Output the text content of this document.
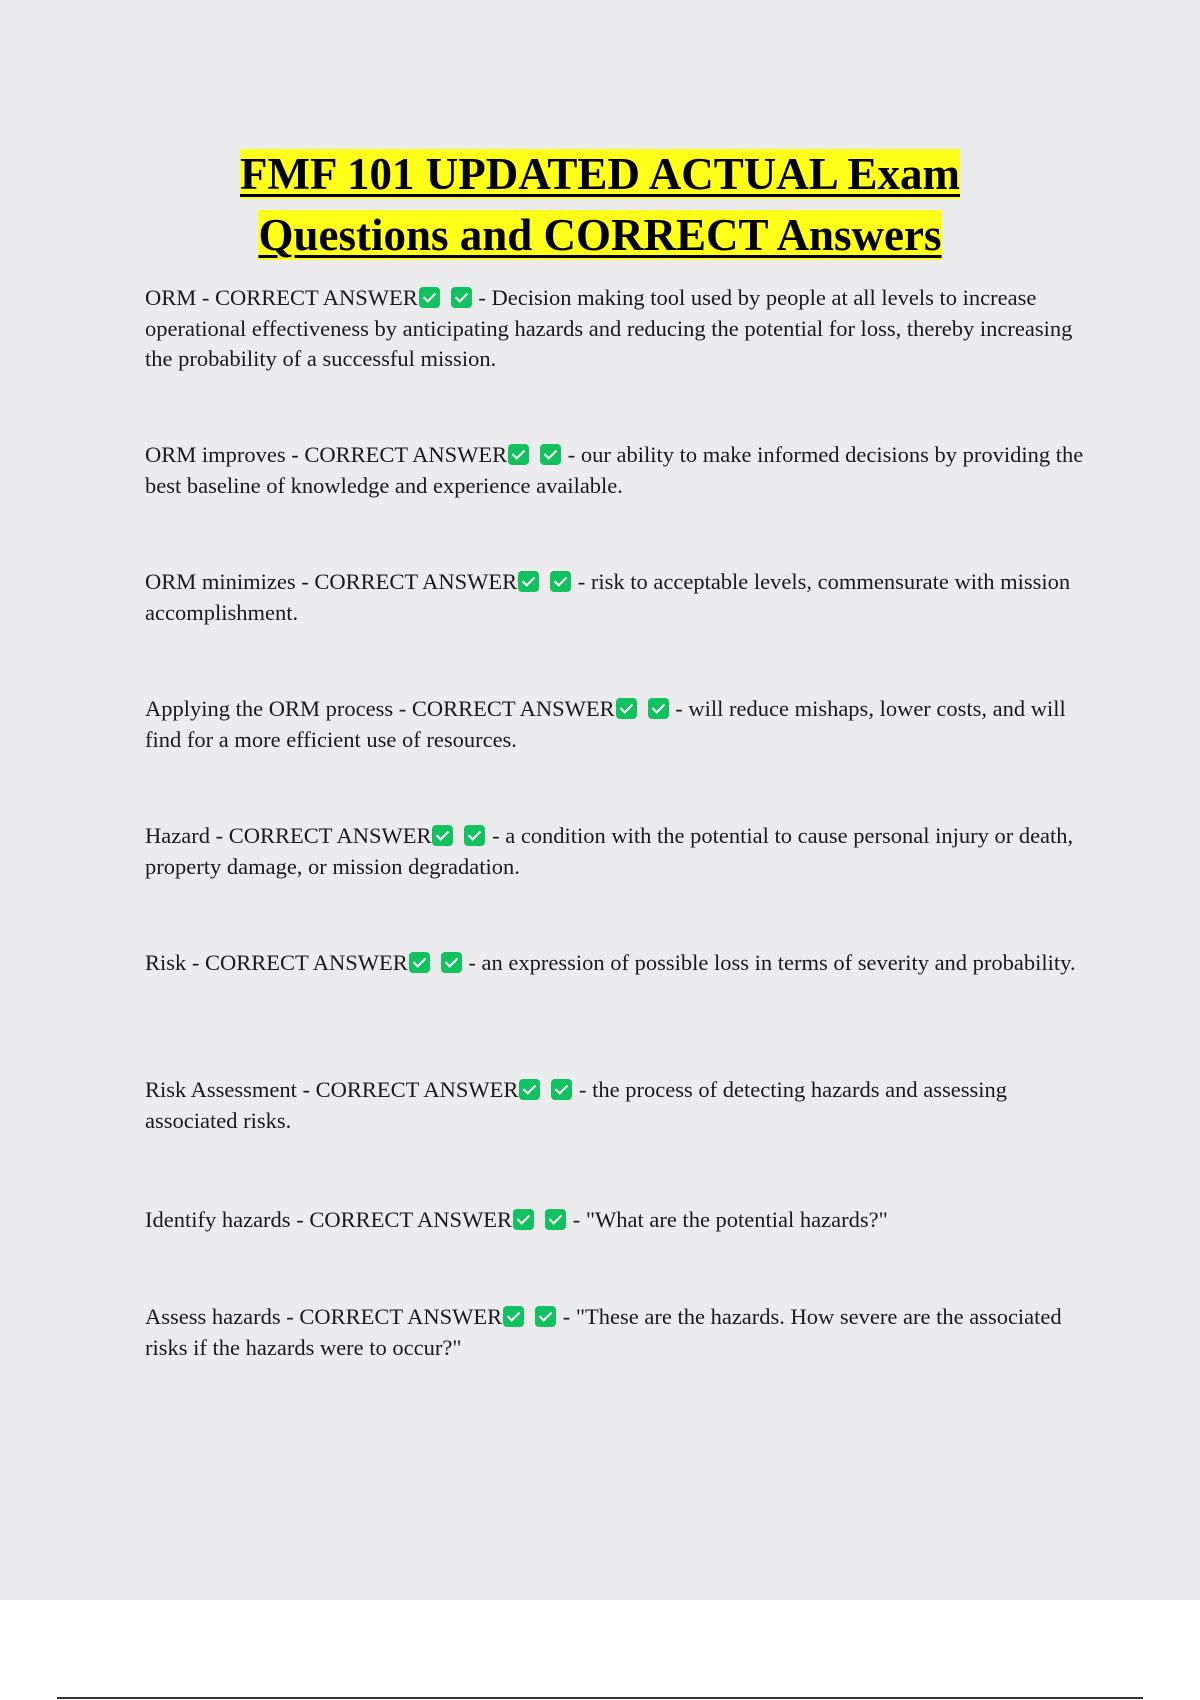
FMF 101 UPDATED ACTUAL Exam
Questions and CORRECT Answers

ORM - CORRECT ANSWER - Decision making tool used by people at all levels to increase operational effectiveness by anticipating hazards and reducing the potential for loss, thereby increasing the probability of a successful mission.

ORM improves - CORRECT ANSWER - our ability to make informed decisions by providing the best baseline of knowledge and experience available.

ORM minimizes - CORRECT ANSWER - risk to acceptable levels, commensurate with mission accomplishment.

Applying the ORM process - CORRECT ANSWER - will reduce mishaps, lower costs, and will find for a more efficient use of resources.

Hazard - CORRECT ANSWER - a condition with the potential to cause personal injury or death, property damage, or mission degradation.

Risk - CORRECT ANSWER - an expression of possible loss in terms of severity and probability.

Risk Assessment - CORRECT ANSWER - the process of detecting hazards and assessing associated risks.

Identify hazards - CORRECT ANSWER - "What are the potential hazards?"

Assess hazards - CORRECT ANSWER - "These are the hazards. How severe are the associated risks if the hazards were to occur?"
